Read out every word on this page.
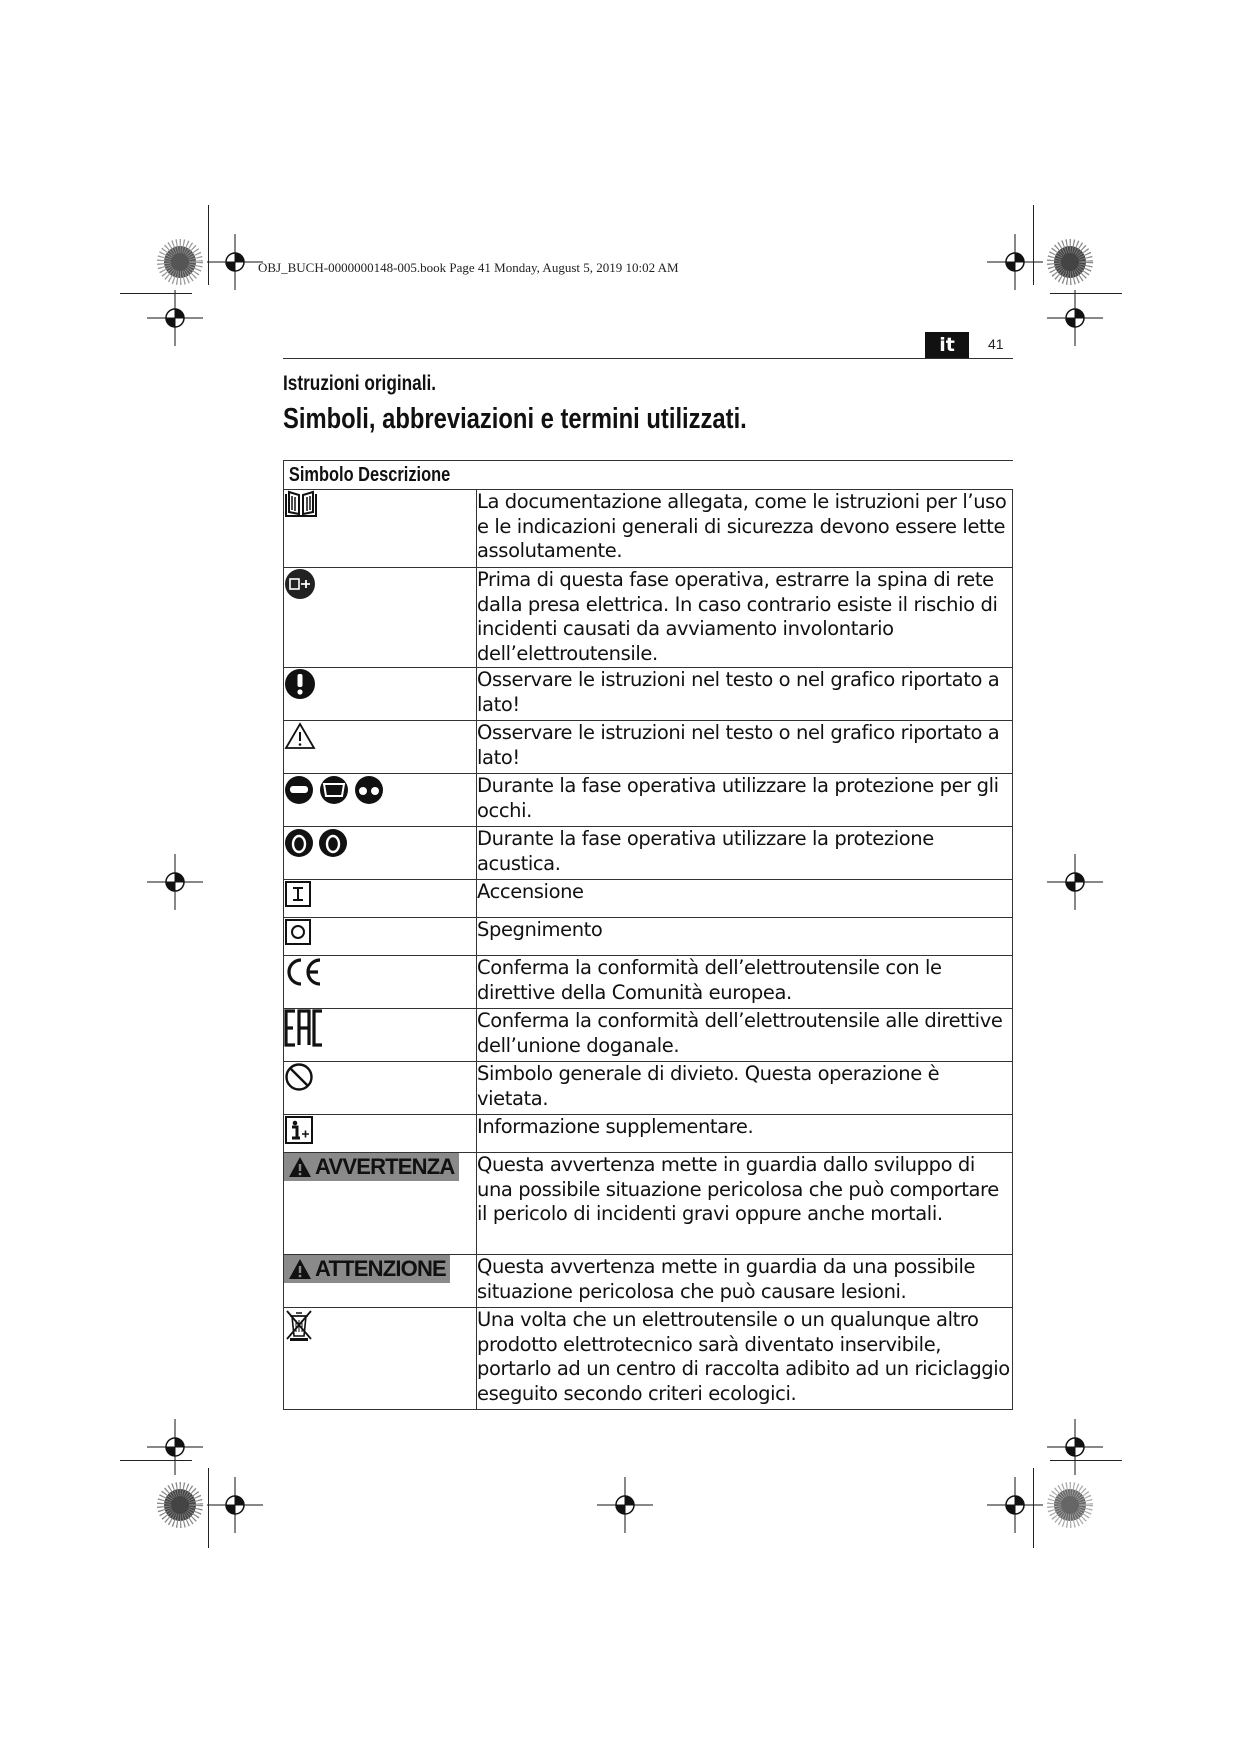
OBJ_BUCH-0000000148-005.book Page 41 Monday, August 5, 2019 10:02 AM
it	41
Istruzioni originali.
Simboli, abbreviazioni e termini utilizzati.
Simbolo Descrizione	

La documentazione allegata, come le istruzioni per l’uso e le indicazioni generali di sicurezza devono essere lette assolutamente.

Prima di questa fase operativa, estrarre la spina di rete dalla presa elettrica. In caso contrario esiste il rischio di incidenti causati da avviamento involontario dell’elettroutensile.

Osservare le istruzioni nel testo o nel grafico riportato a lato!

Osservare le istruzioni nel testo o nel grafico riportato a lato!

Durante la fase operativa utilizzare la protezione per gli occhi.

Durante la fase operativa utilizzare la protezione acustica.

Accensione

Spegnimento

Conferma la conformità dell’elettroutensile con le direttive della Comunità europea.

Conferma la conformità dell’elettroutensile alle direttive dell’unione doganale.

Simbolo generale di divieto. Questa operazione è vietata.

Informazione supplementare.

AVVERTENZA	Questa avvertenza mette in guardia dallo sviluppo di una possibile situazione pericolosa che può comportare il pericolo di incidenti gravi oppure anche mortali.

ATTENZIONE	Questa avvertenza mette in guardia da una possibile situazione pericolosa che può causare lesioni.

Una volta che un elettroutensile o un qualunque altro prodotto elettrotecnico sarà diventato inservibile, portarlo ad un centro di raccolta adibito ad un riciclaggio eseguito secondo criteri ecologici.
